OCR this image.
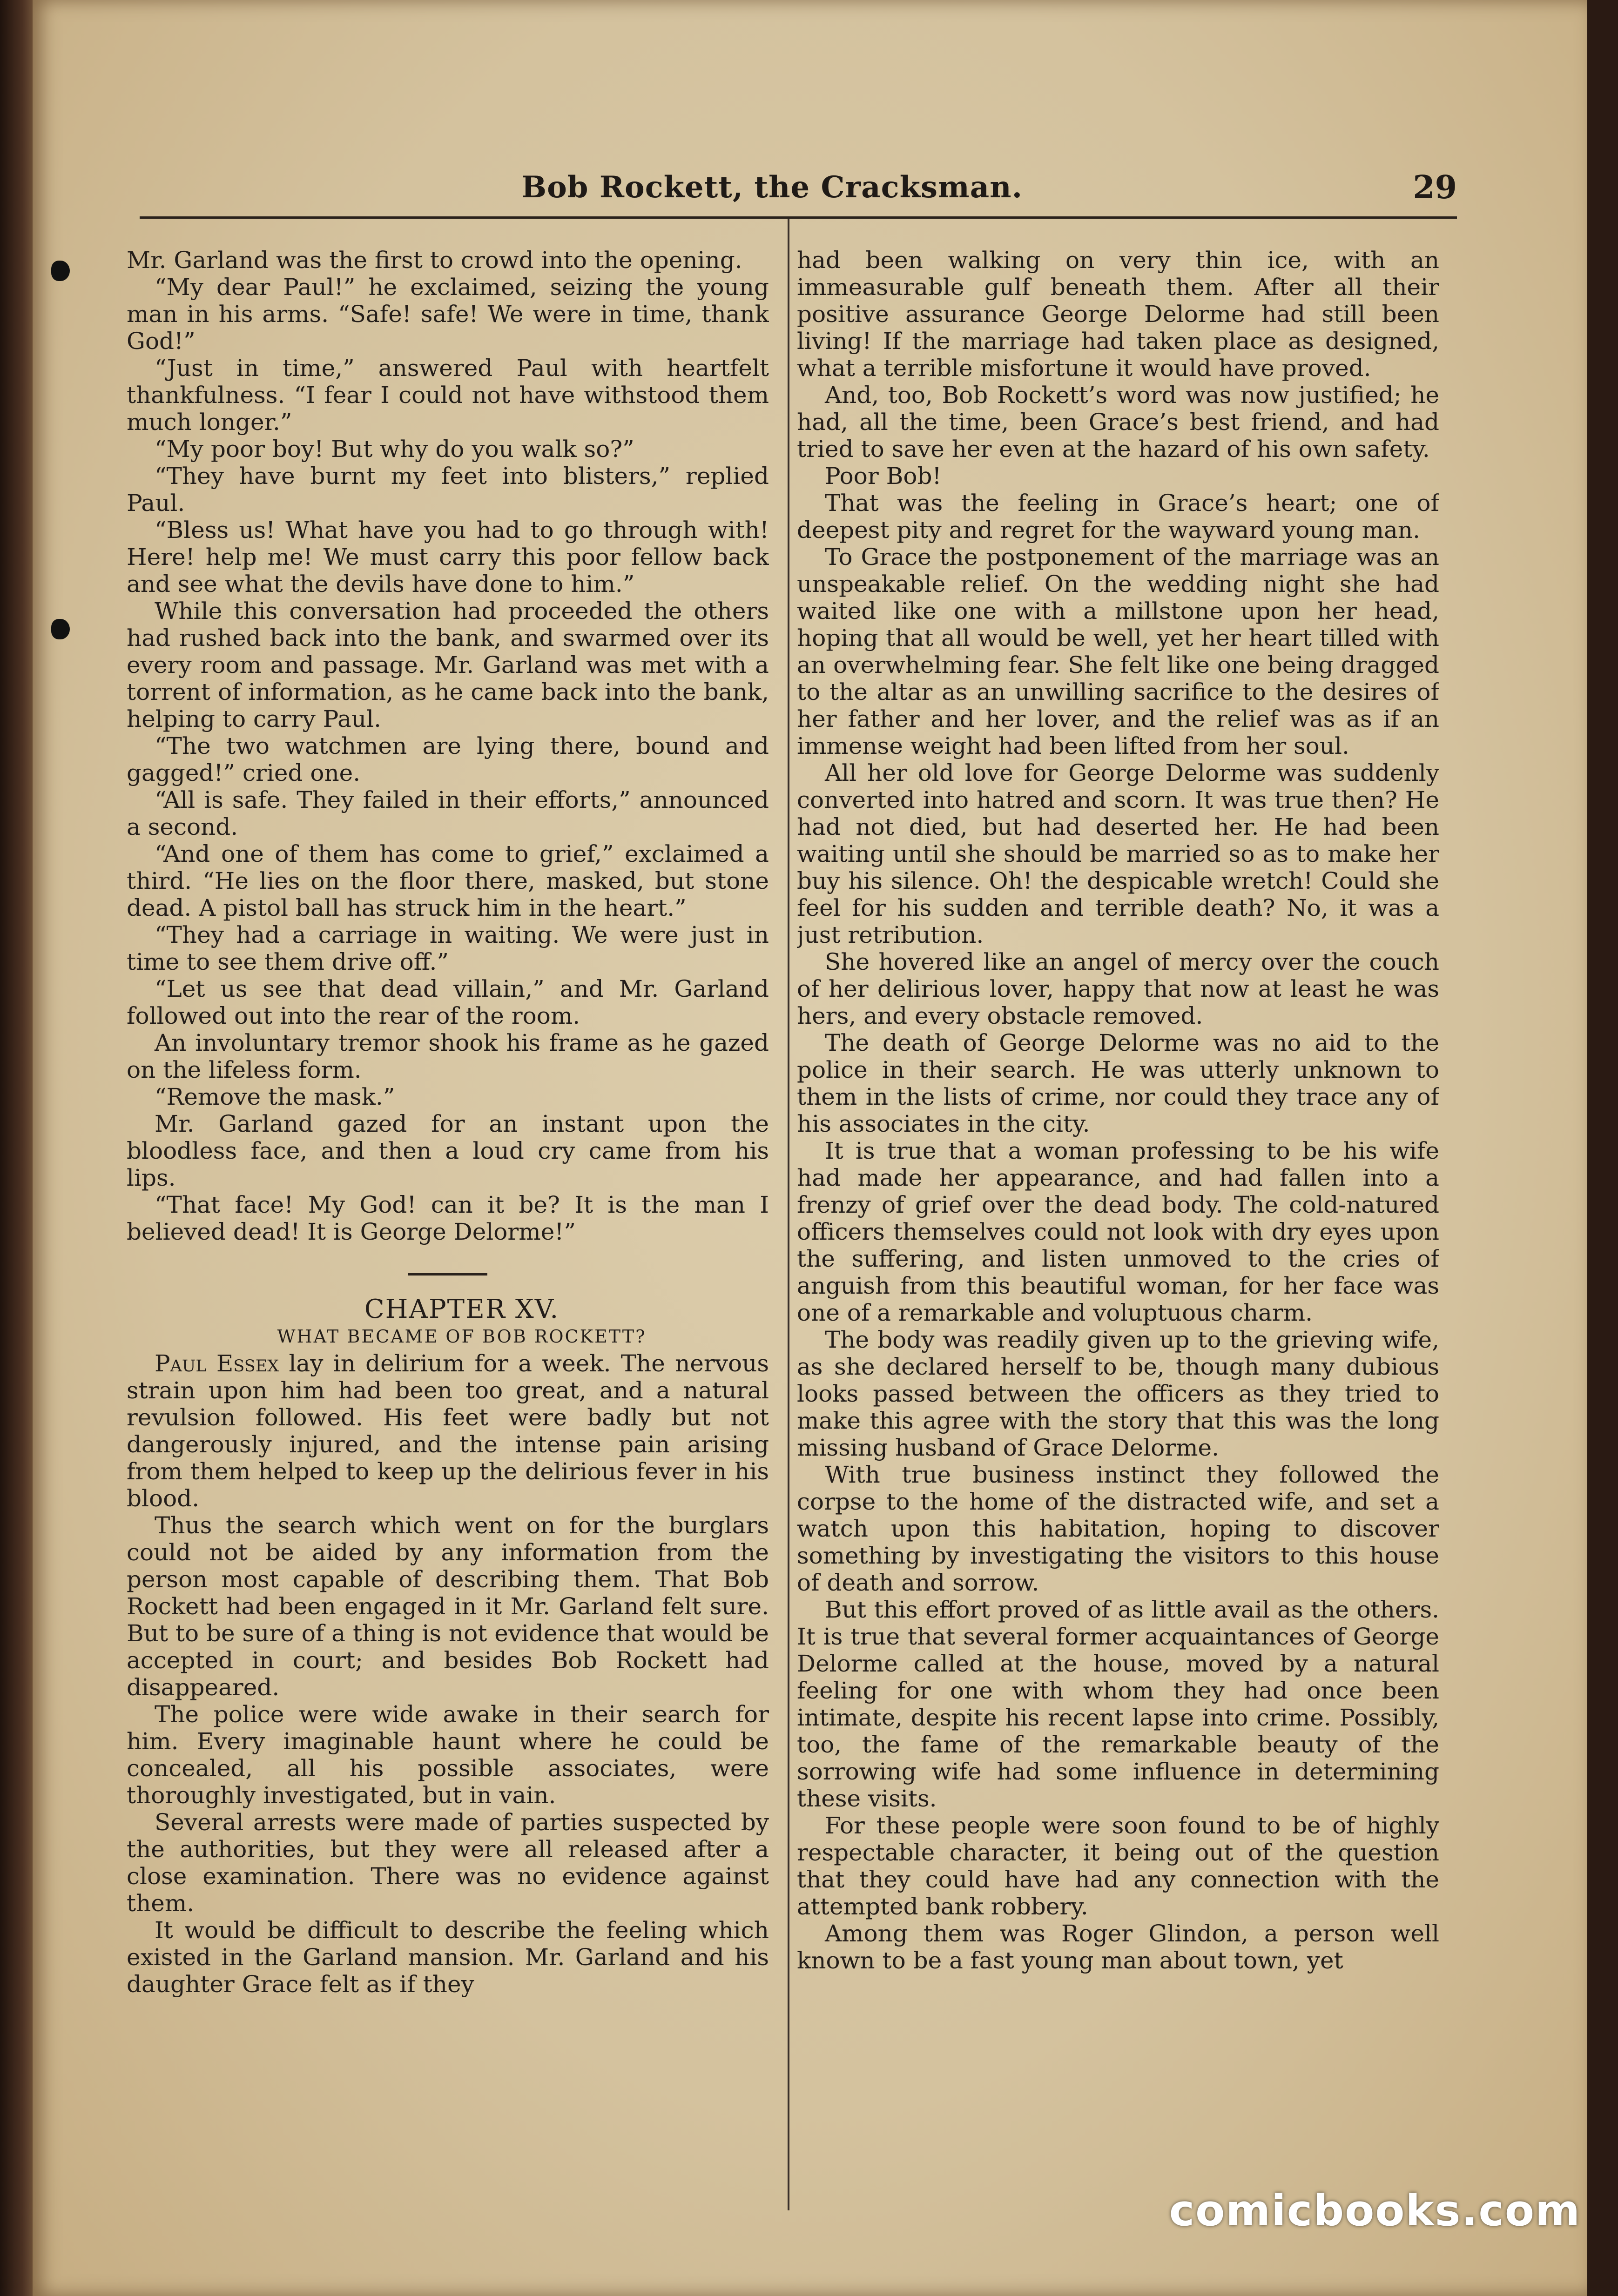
Bob Rockett, the Cracksman.	29

Mr. Garland was the first to crowd into the opening.

“My dear Paul!” he exclaimed, seizing the young man in his arms. “Safe! safe! We were in time, thank God!”

“Just in time,” answered Paul with heartfelt thankfulness. “I fear I could not have withstood them much longer.”

“My poor boy! But why do you walk so?”

“They have burnt my feet into blisters,” replied Paul.

“Bless us! What have you had to go through with! Here! help me! We must carry this poor fellow back and see what the devils have done to him.”

While this conversation had proceeded the others had rushed back into the bank, and swarmed over its every room and passage. Mr. Garland was met with a torrent of information, as he came back into the bank, helping to carry Paul.

“The two watchmen are lying there, bound and gagged!” cried one.

“All is safe. They failed in their efforts,” announced a second.

“And one of them has come to grief,” exclaimed a third. “He lies on the floor there, masked, but stone dead. A pistol ball has struck him in the heart.”

“They had a carriage in waiting. We were just in time to see them drive off.”

“Let us see that dead villain,” and Mr. Garland followed out into the rear of the room.

An involuntary tremor shook his frame as he gazed on the lifeless form.

“Remove the mask.”

Mr. Garland gazed for an instant upon the bloodless face, and then a loud cry came from his lips.

“That face! My God! can it be? It is the man I believed dead! It is George Delorme!”

CHAPTER XV.

WHAT BECAME OF BOB ROCKETT?

Paul Essex lay in delirium for a week. The nervous strain upon him had been too great, and a natural revulsion followed. His feet were badly but not dangerously injured, and the intense pain arising from them helped to keep up the delirious fever in his blood.

Thus the search which went on for the burglars could not be aided by any information from the person most capable of describing them. That Bob Rockett had been engaged in it Mr. Garland felt sure. But to be sure of a thing is not evidence that would be accepted in court; and besides Bob Rockett had disappeared.

The police were wide awake in their search for him. Every imaginable haunt where he could be concealed, all his possible associates, were thoroughly investigated, but in vain.

Several arrests were made of parties suspected by the authorities, but they were all released after a close examination. There was no evidence against them.

It would be difficult to describe the feeling which existed in the Garland mansion. Mr. Garland and his daughter Grace felt as if they

had been walking on very thin ice, with an immeasurable gulf beneath them. After all their positive assurance George Delorme had still been living! If the marriage had taken place as designed, what a terrible misfortune it would have proved.

And, too, Bob Rockett’s word was now justified; he had, all the time, been Grace’s best friend, and had tried to save her even at the hazard of his own safety.

Poor Bob!

That was the feeling in Grace’s heart; one of deepest pity and regret for the wayward young man.

To Grace the postponement of the marriage was an unspeakable relief. On the wedding night she had waited like one with a millstone upon her head, hoping that all would be well, yet her heart tilled with an overwhelming fear. She felt like one being dragged to the altar as an unwilling sacrifice to the desires of her father and her lover, and the relief was as if an immense weight had been lifted from her soul.

All her old love for George Delorme was suddenly converted into hatred and scorn. It was true then? He had not died, but had deserted her. He had been waiting until she should be married so as to make her buy his silence. Oh! the despicable wretch! Could she feel for his sudden and terrible death? No, it was a just retribution.

She hovered like an angel of mercy over the couch of her delirious lover, happy that now at least he was hers, and every obstacle removed.

The death of George Delorme was no aid to the police in their search. He was utterly unknown to them in the lists of crime, nor could they trace any of his associates in the city.

It is true that a woman professing to be his wife had made her appearance, and had fallen into a frenzy of grief over the dead body. The cold-natured officers themselves could not look with dry eyes upon the suffering, and listen unmoved to the cries of anguish from this beautiful woman, for her face was one of a remarkable and voluptuous charm.

The body was readily given up to the grieving wife, as she declared herself to be, though many dubious looks passed between the officers as they tried to make this agree with the story that this was the long missing husband of Grace Delorme.

With true business instinct they followed the corpse to the home of the distracted wife, and set a watch upon this habitation, hoping to discover something by investigating the visitors to this house of death and sorrow.

But this effort proved of as little avail as the others. It is true that several former acquaintances of George Delorme called at the house, moved by a natural feeling for one with whom they had once been intimate, despite his recent lapse into crime. Possibly, too, the fame of the remarkable beauty of the sorrowing wife had some influence in determining these visits.

For these people were soon found to be of highly respectable character, it being out of the question that they could have had any connection with the attempted bank robbery.

Among them was Roger Glindon, a person well known to be a fast young man about town, yet

comicbooks.com
